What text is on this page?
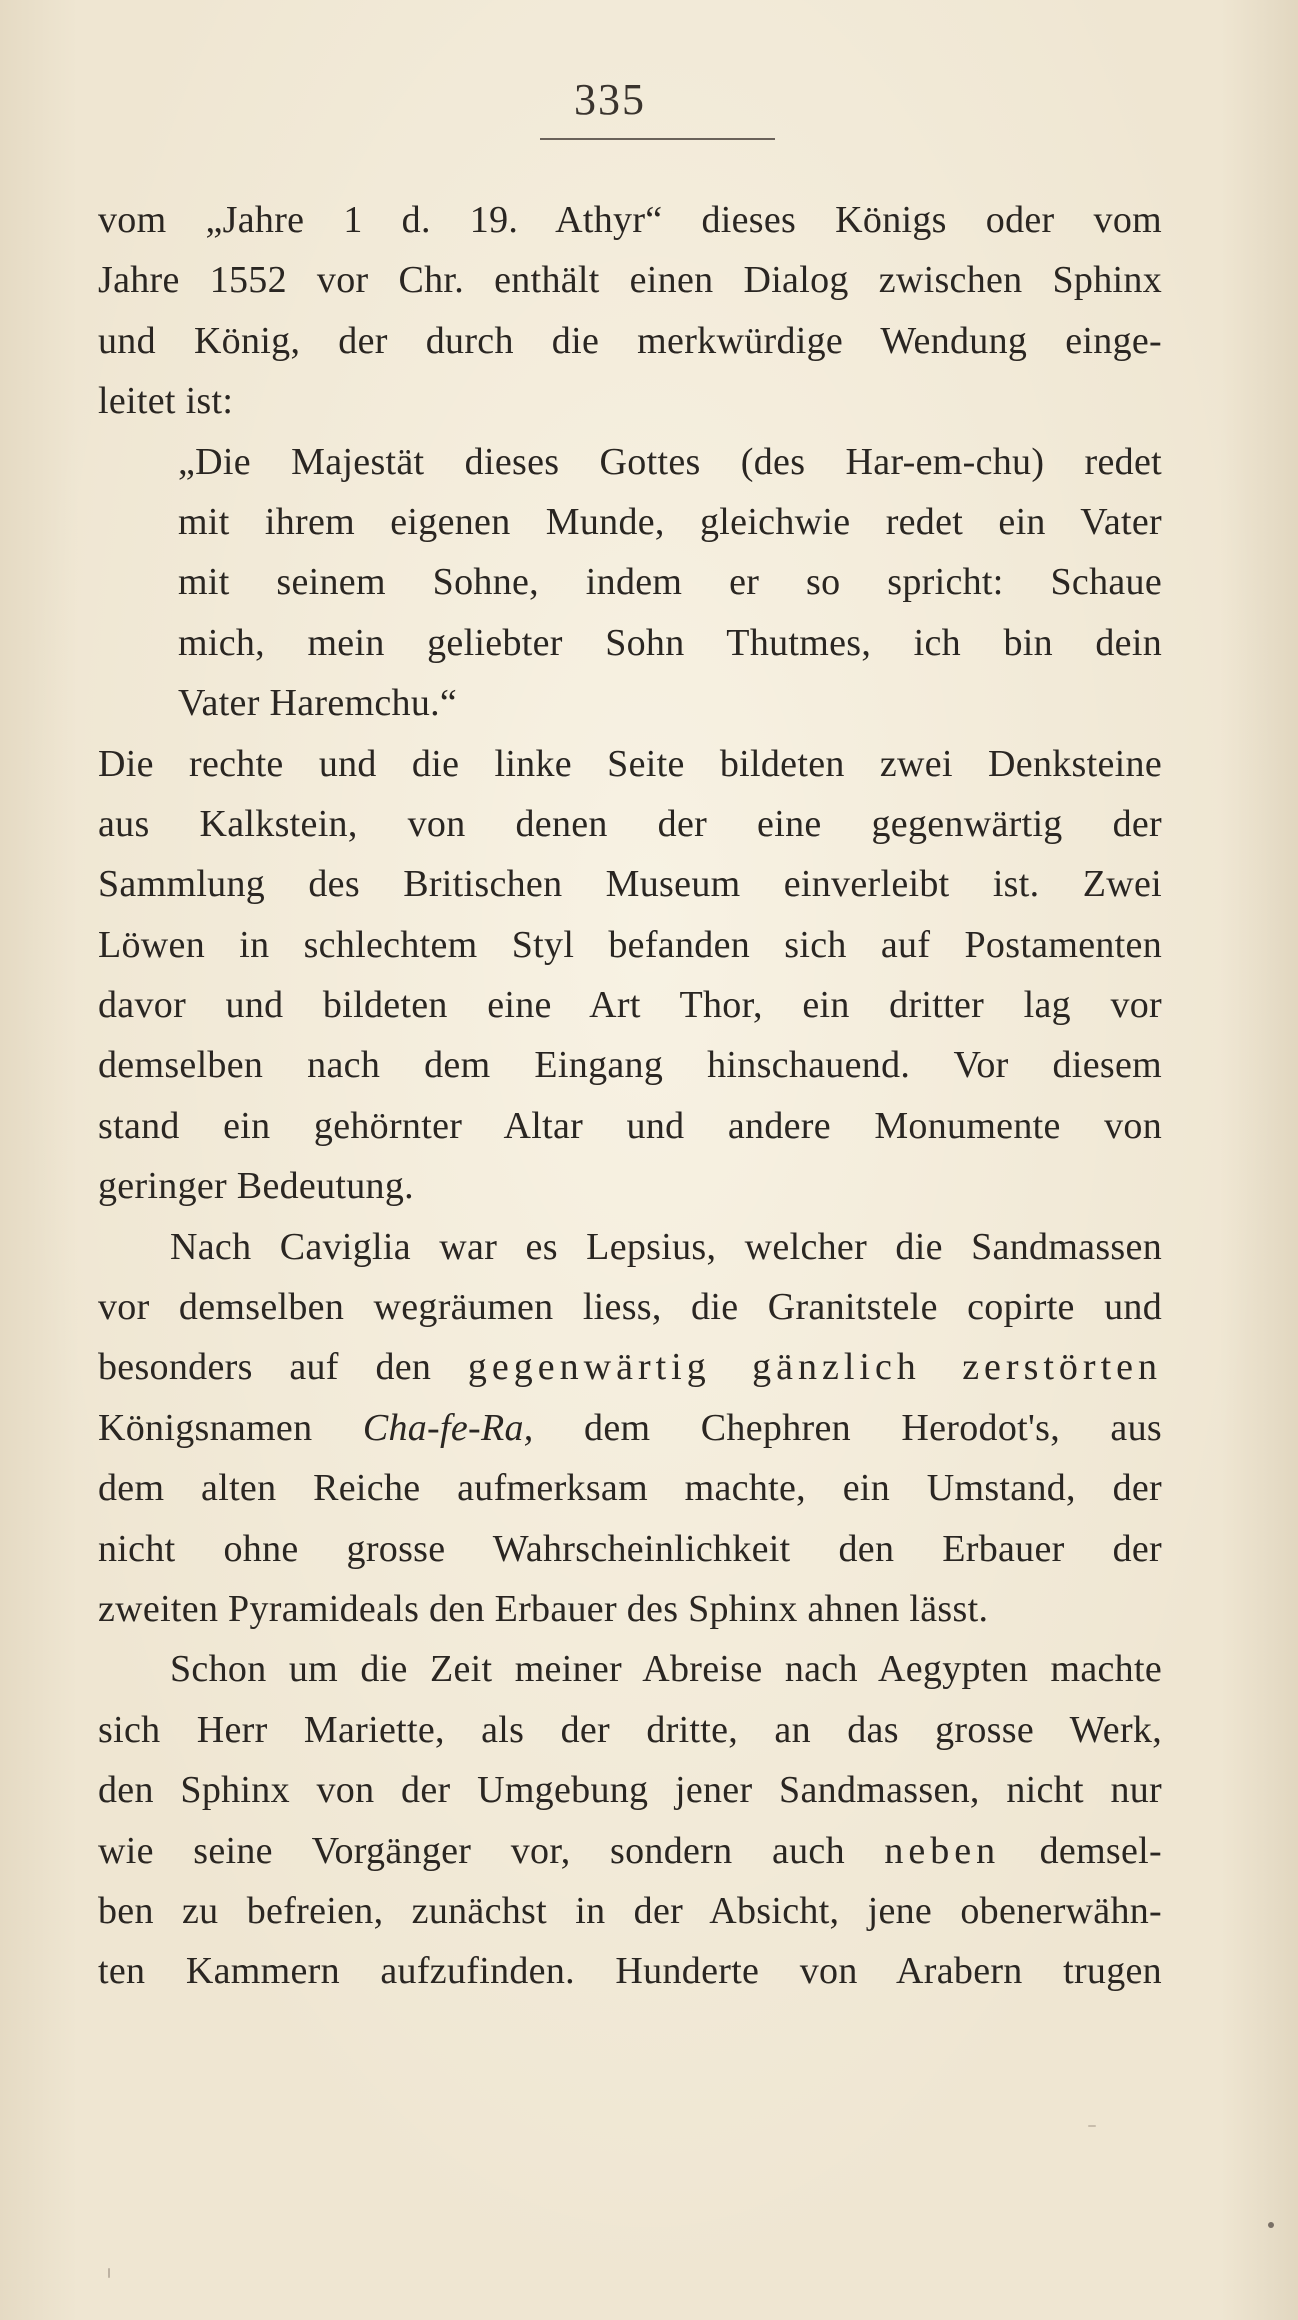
335
vom „Jahre 1 d. 19. Athyr“ dieses Königs oder vom
Jahre 1552 vor Chr. enthält einen Dialog zwischen Sphinx
und König, der durch die merkwürdige Wendung einge-
leitet ist:
„Die Majestät dieses Gottes (des Har-em-chu) redet
mit ihrem eigenen Munde, gleichwie redet ein Vater
mit seinem Sohne, indem er so spricht: Schaue
mich, mein geliebter Sohn Thutmes, ich bin dein
Vater Haremchu.“
Die rechte und die linke Seite bildeten zwei Denksteine
aus Kalkstein, von denen der eine gegenwärtig der
Sammlung des Britischen Museum einverleibt ist. Zwei
Löwen in schlechtem Styl befanden sich auf Postamenten
davor und bildeten eine Art Thor, ein dritter lag vor
demselben nach dem Eingang hinschauend. Vor diesem
stand ein gehörnter Altar und andere Monumente von
geringer Bedeutung.
Nach Caviglia war es Lepsius, welcher die Sandmassen
vor demselben wegräumen liess, die Granitstele copirte und
besonders auf den gegenwärtig gänzlich zerstörten
Königsnamen Cha-fe-Ra, dem Chephren Herodot's, aus
dem alten Reiche aufmerksam machte, ein Umstand, der
nicht ohne grosse Wahrscheinlichkeit den Erbauer der
zweiten Pyramideals den Erbauer des Sphinx ahnen lässt.
Schon um die Zeit meiner Abreise nach Aegypten machte
sich Herr Mariette, als der dritte, an das grosse Werk,
den Sphinx von der Umgebung jener Sandmassen, nicht nur
wie seine Vorgänger vor, sondern auch neben demsel-
ben zu befreien, zunächst in der Absicht, jene obenerwähn-
ten Kammern aufzufinden. Hunderte von Arabern trugen
